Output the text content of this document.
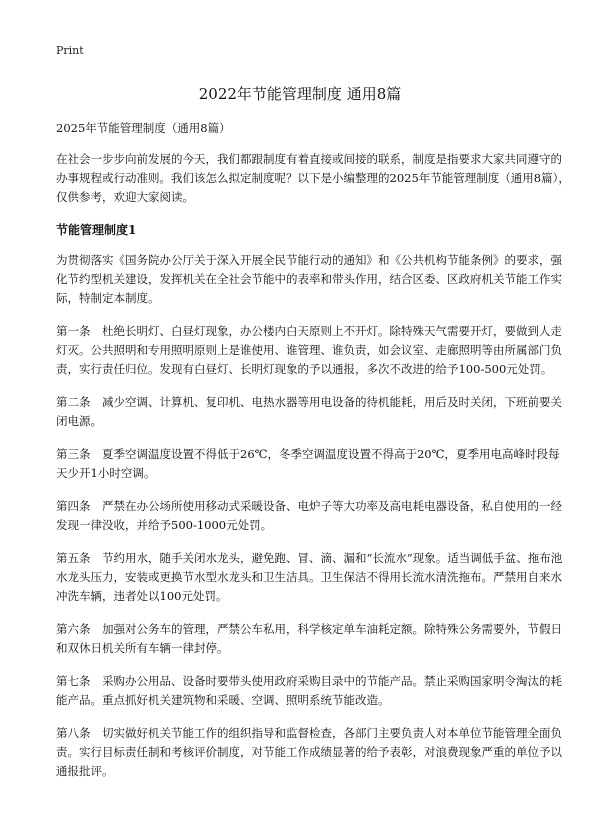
Print
2022年节能管理制度 通用8篇

2025年节能管理制度（通用8篇）

在社会一步步向前发展的今天，我们都跟制度有着直接或间接的联系，制度是指要求大家共同遵守的办事规程或行动准则。我们该怎么拟定制度呢？以下是小编整理的2025年节能管理制度（通用8篇），仅供参考，欢迎大家阅读。

节能管理制度1

为贯彻落实《国务院办公厅关于深入开展全民节能行动的通知》和《公共机构节能条例》的要求，强化节约型机关建设，发挥机关在全社会节能中的表率和带头作用，结合区委、区政府机关节能工作实际，特制定本制度。

第一条　杜绝长明灯、白昼灯现象，办公楼内白天原则上不开灯。除特殊天气需要开灯，要做到人走灯灭。公共照明和专用照明原则上是谁使用、谁管理、谁负责，如会议室、走廊照明等由所属部门负责，实行责任归位。发现有白昼灯、长明灯现象的予以通报，多次不改进的给予100-500元处罚。

第二条　减少空调、计算机、复印机、电热水器等用电设备的待机能耗，用后及时关闭，下班前要关闭电源。

第三条　夏季空调温度设置不得低于26℃，冬季空调温度设置不得高于20℃，夏季用电高峰时段每天少开1小时空调。

第四条　严禁在办公场所使用移动式采暖设备、电炉子等大功率及高电耗电器设备，私自使用的一经发现一律没收，并给予500-1000元处罚。

第五条　节约用水，随手关闭水龙头，避免跑、冒、滴、漏和“长流水”现象。适当调低手盆、拖布池水龙头压力，安装或更换节水型水龙头和卫生洁具。卫生保洁不得用长流水清洗拖布。严禁用自来水冲洗车辆，违者处以100元处罚。

第六条　加强对公务车的管理，严禁公车私用，科学核定单车油耗定额。除特殊公务需要外，节假日和双休日机关所有车辆一律封停。

第七条　采购办公用品、设备时要带头使用政府采购目录中的节能产品。禁止采购国家明令淘汰的耗能产品。重点抓好机关建筑物和采暖、空调、照明系统节能改造。

第八条　切实做好机关节能工作的组织指导和监督检查，各部门主要负责人对本单位节能管理全面负责。实行目标责任制和考核评价制度，对节能工作成绩显著的给予表彰，对浪费现象严重的单位予以通报批评。
